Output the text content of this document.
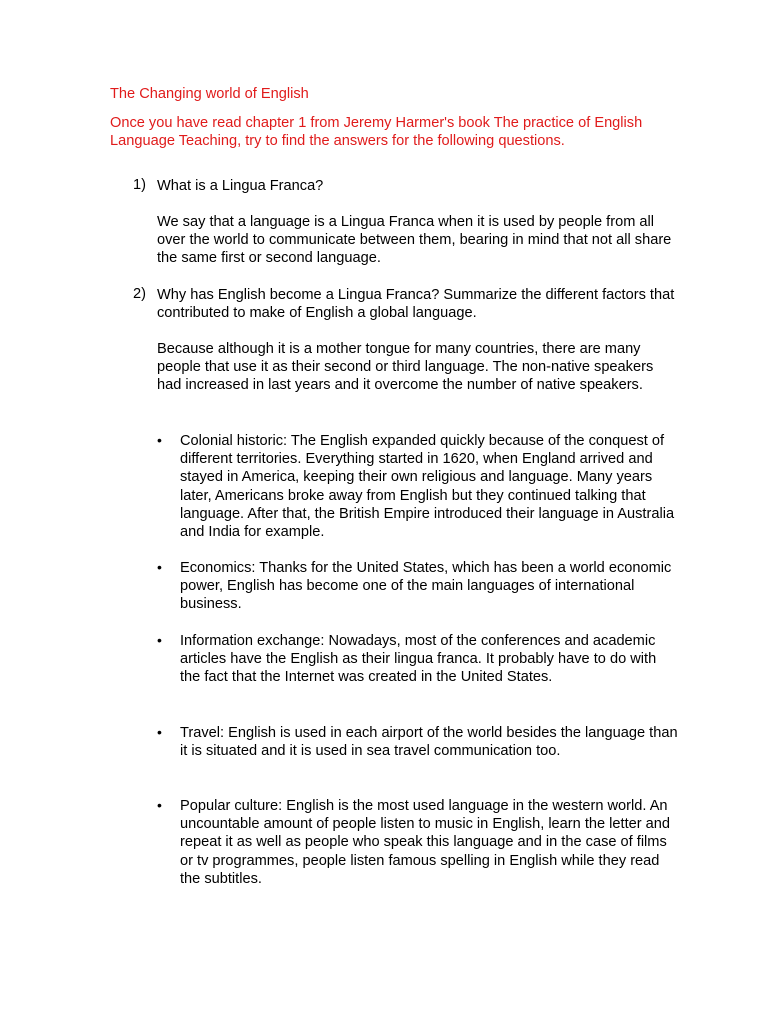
The Changing world of English
Once you have read chapter 1 from Jeremy Harmer's book The practice of English Language Teaching, try to find the answers for the following questions.
1) What is a Lingua Franca?
We say that a language is a Lingua Franca when it is used by people from all over the world to communicate between them, bearing in mind that not all share the same first or second language.
2) Why has English become a Lingua Franca? Summarize the different factors that contributed to make of English a global language.
Because although it is a mother tongue for many countries, there are many people that use it as their second or third language. The non-native speakers had increased in last years and it overcome the number of native speakers.
• Colonial historic: The English expanded quickly because of the conquest of different territories. Everything started in 1620, when England arrived and stayed in America, keeping their own religious and language. Many years later, Americans broke away from English but they continued talking that language. After that, the British Empire introduced their language in Australia and India for example.
• Economics: Thanks for the United States, which has been a world economic power, English has become one of the main languages of international business.
• Information exchange: Nowadays, most of the conferences and academic articles have the English as their lingua franca. It probably have to do with the fact that the Internet was created in the United States.
• Travel: English is used in each airport of the world besides the language than it is situated and it is used in sea travel communication too.
• Popular culture: English is the most used language in the western world. An uncountable amount of people listen to music in English, learn the letter and repeat it as well as people who speak this language and in the case of films or tv programmes, people listen famous spelling in English while they read the subtitles.
